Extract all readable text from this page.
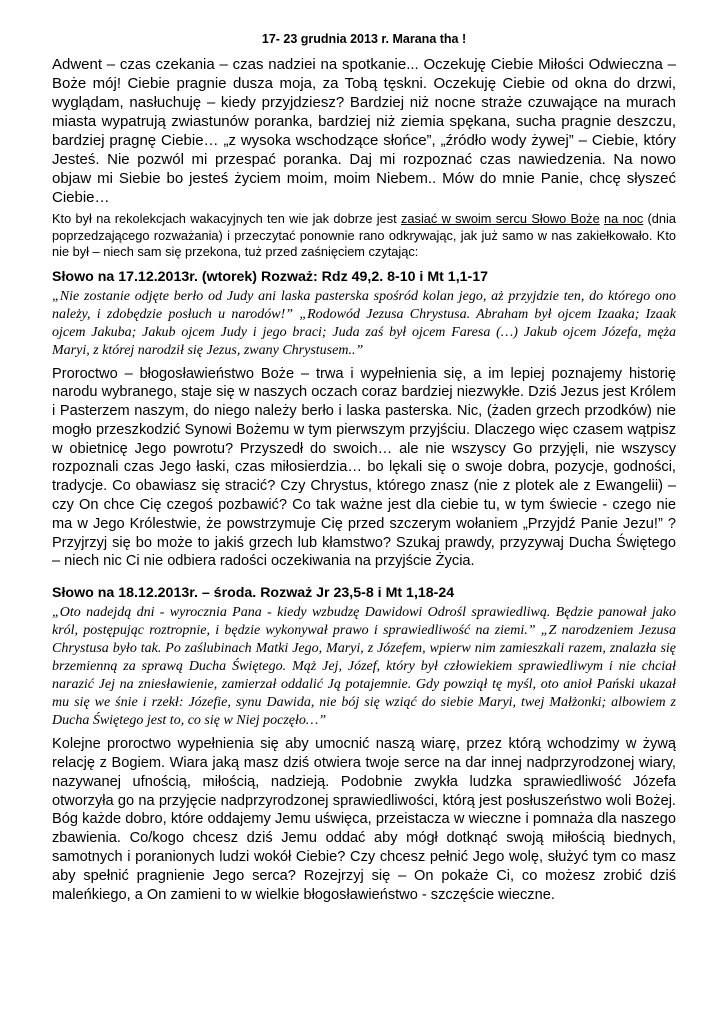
17- 23 grudnia 2013 r. Marana tha !

Adwent – czas czekania – czas nadziei na spotkanie... Oczekuję Ciebie Miłości Odwieczna – Boże mój! Ciebie pragnie dusza moja, za Tobą tęskni. Oczekuję Ciebie od okna do drzwi, wyglądam, nasłuchuję – kiedy przyjdziesz? Bardziej niż nocne straże czuwające na murach miasta wypatrują zwiastunów poranka, bardziej niż ziemia spękana, sucha pragnie deszczu, bardziej pragnę Ciebie… „z wysoka wschodzące słońce”, „źródło wody żywej” – Ciebie, który Jesteś. Nie pozwól mi przespać poranka. Daj mi rozpoznać czas nawiedzenia. Na nowo objaw mi Siebie bo jesteś życiem moim, moim Niebem.. Mów do mnie Panie, chcę słyszeć Ciebie…

Kto był na rekolekcjach wakacyjnych ten wie jak dobrze jest zasiać w swoim sercu Słowo Boże na noc (dnia poprzedzającego rozważania) i przeczytać ponownie rano odkrywając, jak już samo w nas zakiełkowało. Kto nie był – niech sam się przekona, tuż przed zaśnięciem czytając:

Słowo na 17.12.2013r. (wtorek) Rozważ: Rdz 49,2. 8-10 i Mt 1,1-17

„Nie zostanie odjęte berło od Judy ani laska pasterska spośród kolan jego, aż przyjdzie ten, do którego ono należy, i zdobędzie posłuch u narodów!” „Rodowód Jezusa Chrystusa. Abraham był ojcem Izaaka; Izaak ojcem Jakuba; Jakub ojcem Judy i jego braci; Juda zaś był ojcem Faresa (…) Jakub ojcem Józefa, męża Maryi, z której narodził się Jezus, zwany Chrystusem..”

Proroctwo – błogosławieństwo Boże – trwa i wypełnienia się, a im lepiej poznajemy historię narodu wybranego, staje się w naszych oczach coraz bardziej niezwykłe. Dziś Jezus jest Królem i Pasterzem naszym, do niego należy berło i laska pasterska. Nic, (żaden grzech przodków) nie mogło przeszkodzić Synowi Bożemu w tym pierwszym przyjściu. Dlaczego więc czasem wątpisz w obietnicę Jego powrotu? Przyszedł do swoich… ale nie wszyscy Go przyjęli, nie wszyscy rozpoznali czas Jego łaski, czas miłosierdzia… bo lękali się o swoje dobra, pozycje, godności, tradycje. Co obawiasz się stracić? Czy Chrystus, którego znasz (nie z plotek ale z Ewangelii) – czy On chce Cię czegoś pozbawić? Co tak ważne jest dla ciebie tu, w tym świecie - czego nie ma w Jego Królestwie, że powstrzymuje Cię przed szczerym wołaniem „Przyjdź Panie Jezu!” ? Przyjrzyj się bo może to jakiś grzech lub kłamstwo? Szukaj prawdy, przyzywaj Ducha Świętego – niech nic Ci nie odbiera radości oczekiwania na przyjście Życia.

Słowo na 18.12.2013r. – środa. Rozważ Jr 23,5-8 i Mt 1,18-24

„Oto nadejdą dni - wyrocznia Pana - kiedy wzbudzę Dawidowi Odrośl sprawiedliwą. Będzie panował jako król, postępując roztropnie, i będzie wykonywał prawo i sprawiedliwość na ziemi.” „Z narodzeniem Jezusa Chrystusa było tak. Po zaślubinach Matki Jego, Maryi, z Józefem, wpierw nim zamieszkali razem, znalazła się brzemienną za sprawą Ducha Świętego. Mąż Jej, Józef, który był człowiekiem sprawiedliwym i nie chciał narazić Jej na zniesławienie, zamierzał oddalić Ją potajemnie. Gdy powziął tę myśl, oto anioł Pański ukazał mu się we śnie i rzekł: Józefie, synu Dawida, nie bój się wziąć do siebie Maryi, twej Małżonki; albowiem z Ducha Świętego jest to, co się w Niej poczęło…”

Kolejne proroctwo wypełnienia się aby umocnić naszą wiarę, przez którą wchodzimy w żywą relację z Bogiem. Wiara jaką masz dziś otwiera twoje serce na dar innej nadprzyrodzonej wiary, nazywanej ufnością, miłością, nadzieją. Podobnie zwykła ludzka sprawiedliwość Józefa otworzyła go na przyjęcie nadprzyrodzonej sprawiedliwości, którą jest posłuszeństwo woli Bożej. Bóg każde dobro, które oddajemy Jemu uświęca, przeistacza w wieczne i pomnaża dla naszego zbawienia. Co/kogo chcesz dziś Jemu oddać aby mógł dotknąć swoją miłością biednych, samotnych i poranionych ludzi wokół Ciebie? Czy chcesz pełnić Jego wolę, służyć tym co masz aby spełnić pragnienie Jego serca? Rozejrzyj się – On pokaże Ci, co możesz zrobić dziś maleńkiego, a On zamieni to w wielkie błogosławieństwo - szczęście wieczne.
